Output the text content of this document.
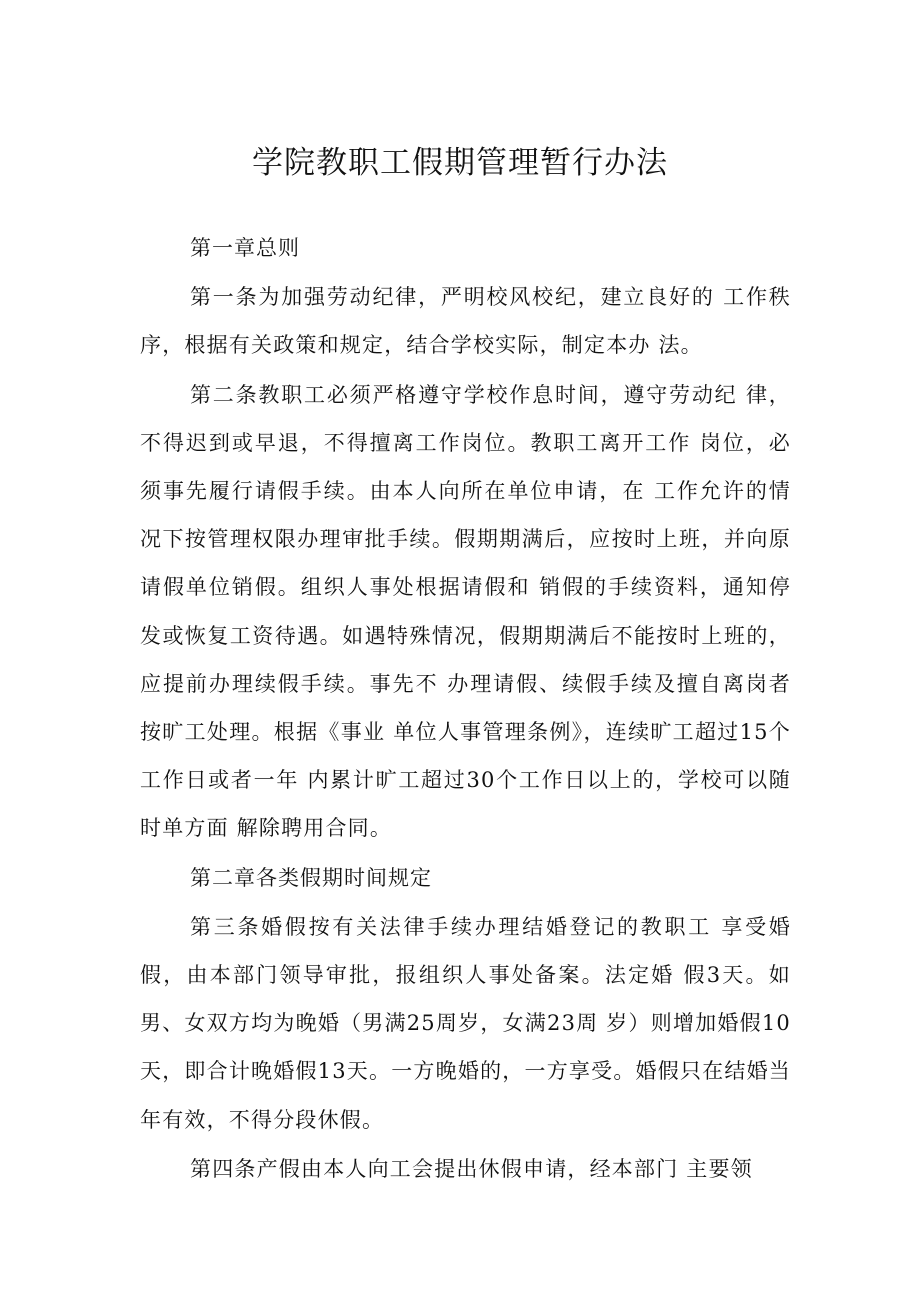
学院教职工假期管理暂行办法

第一章总则

第一条为加强劳动纪律，严明校风校纪，建立良好的 工作秩序，根据有关政策和规定，结合学校实际，制定本办 法。

第二条教职工必须严格遵守学校作息时间，遵守劳动纪 律，不得迟到或早退，不得擅离工作岗位。教职工离开工作 岗位，必须事先履行请假手续。由本人向所在单位申请，在 工作允许的情况下按管理权限办理审批手续。假期期满后，应按时上班，并向原请假单位销假。组织人事处根据请假和 销假的手续资料，通知停发或恢复工资待遇。如遇特殊情况，假期期满后不能按时上班的，应提前办理续假手续。事先不 办理请假、续假手续及擅自离岗者按旷工处理。根据《事业 单位人事管理条例》，连续旷工超过15个工作日或者一年 内累计旷工超过30个工作日以上的，学校可以随时单方面 解除聘用合同。

第二章各类假期时间规定

第三条婚假按有关法律手续办理结婚登记的教职工 享受婚假，由本部门领导审批，报组织人事处备案。法定婚 假3天。如男、女双方均为晚婚（男满25周岁，女满23周 岁）则增加婚假10天，即合计晚婚假13天。一方晚婚的，一方享受。婚假只在结婚当年有效，不得分段休假。

第四条产假由本人向工会提出休假申请，经本部门 主要领
